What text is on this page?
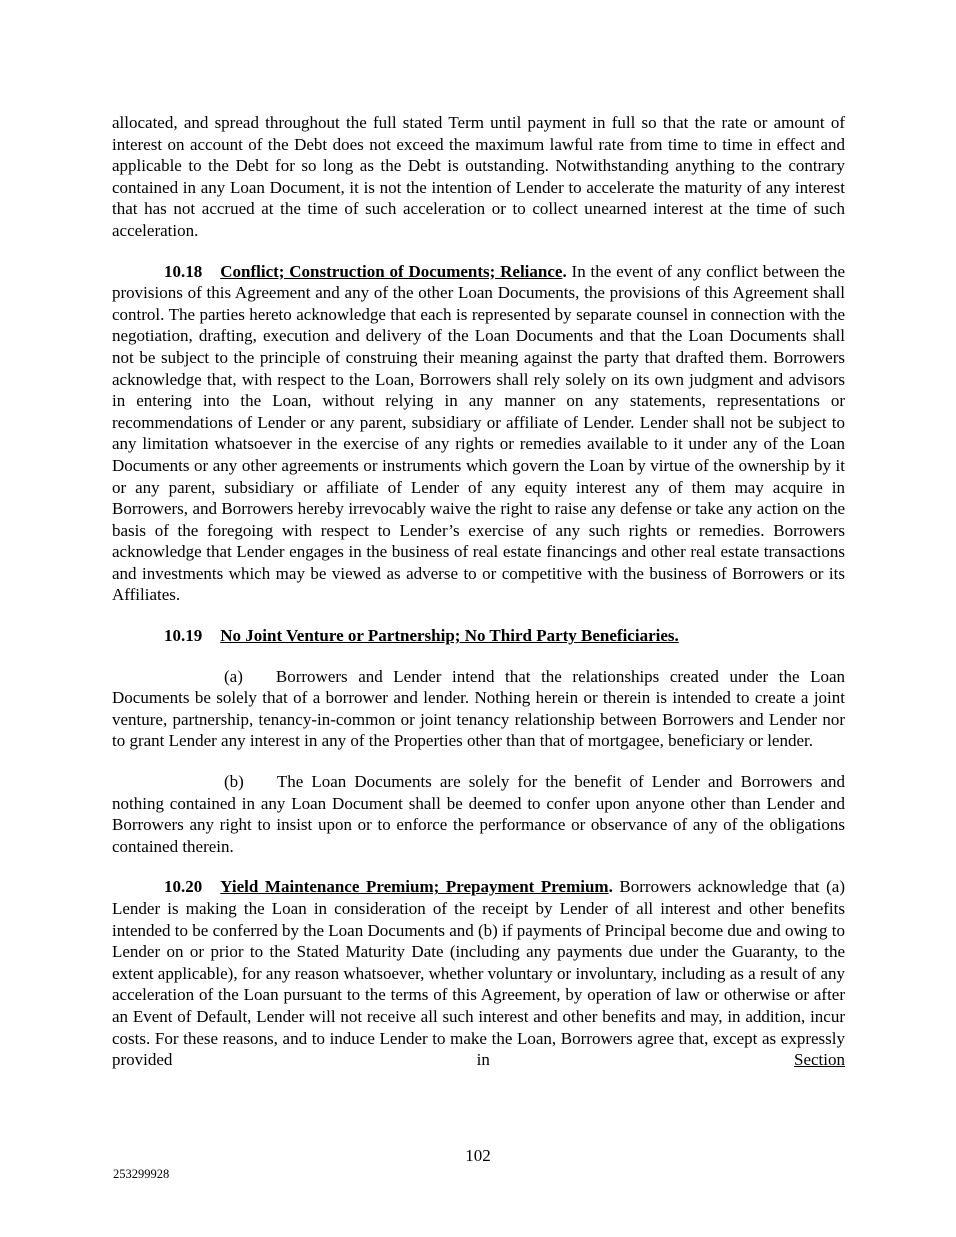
allocated, and spread throughout the full stated Term until payment in full so that the rate or amount of interest on account of the Debt does not exceed the maximum lawful rate from time to time in effect and applicable to the Debt for so long as the Debt is outstanding. Notwithstanding anything to the contrary contained in any Loan Document, it is not the intention of Lender to accelerate the maturity of any interest that has not accrued at the time of such acceleration or to collect unearned interest at the time of such acceleration.

10.18 Conflict; Construction of Documents; Reliance. In the event of any conflict between the provisions of this Agreement and any of the other Loan Documents, the provisions of this Agreement shall control. The parties hereto acknowledge that each is represented by separate counsel in connection with the negotiation, drafting, execution and delivery of the Loan Documents and that the Loan Documents shall not be subject to the principle of construing their meaning against the party that drafted them. Borrowers acknowledge that, with respect to the Loan, Borrowers shall rely solely on its own judgment and advisors in entering into the Loan, without relying in any manner on any statements, representations or recommendations of Lender or any parent, subsidiary or affiliate of Lender. Lender shall not be subject to any limitation whatsoever in the exercise of any rights or remedies available to it under any of the Loan Documents or any other agreements or instruments which govern the Loan by virtue of the ownership by it or any parent, subsidiary or affiliate of Lender of any equity interest any of them may acquire in Borrowers, and Borrowers hereby irrevocably waive the right to raise any defense or take any action on the basis of the foregoing with respect to Lender’s exercise of any such rights or remedies. Borrowers acknowledge that Lender engages in the business of real estate financings and other real estate transactions and investments which may be viewed as adverse to or competitive with the business of Borrowers or its Affiliates.

10.19 No Joint Venture or Partnership; No Third Party Beneficiaries.

(a) Borrowers and Lender intend that the relationships created under the Loan Documents be solely that of a borrower and lender. Nothing herein or therein is intended to create a joint venture, partnership, tenancy-in-common or joint tenancy relationship between Borrowers and Lender nor to grant Lender any interest in any of the Properties other than that of mortgagee, beneficiary or lender.

(b) The Loan Documents are solely for the benefit of Lender and Borrowers and nothing contained in any Loan Document shall be deemed to confer upon anyone other than Lender and Borrowers any right to insist upon or to enforce the performance or observance of any of the obligations contained therein.

10.20 Yield Maintenance Premium; Prepayment Premium. Borrowers acknowledge that (a) Lender is making the Loan in consideration of the receipt by Lender of all interest and other benefits intended to be conferred by the Loan Documents and (b) if payments of Principal become due and owing to Lender on or prior to the Stated Maturity Date (including any payments due under the Guaranty, to the extent applicable), for any reason whatsoever, whether voluntary or involuntary, including as a result of any acceleration of the Loan pursuant to the terms of this Agreement, by operation of law or otherwise or after an Event of Default, Lender will not receive all such interest and other benefits and may, in addition, incur costs. For these reasons, and to induce Lender to make the Loan, Borrowers agree that, except as expressly provided in	Section

102
253299928
